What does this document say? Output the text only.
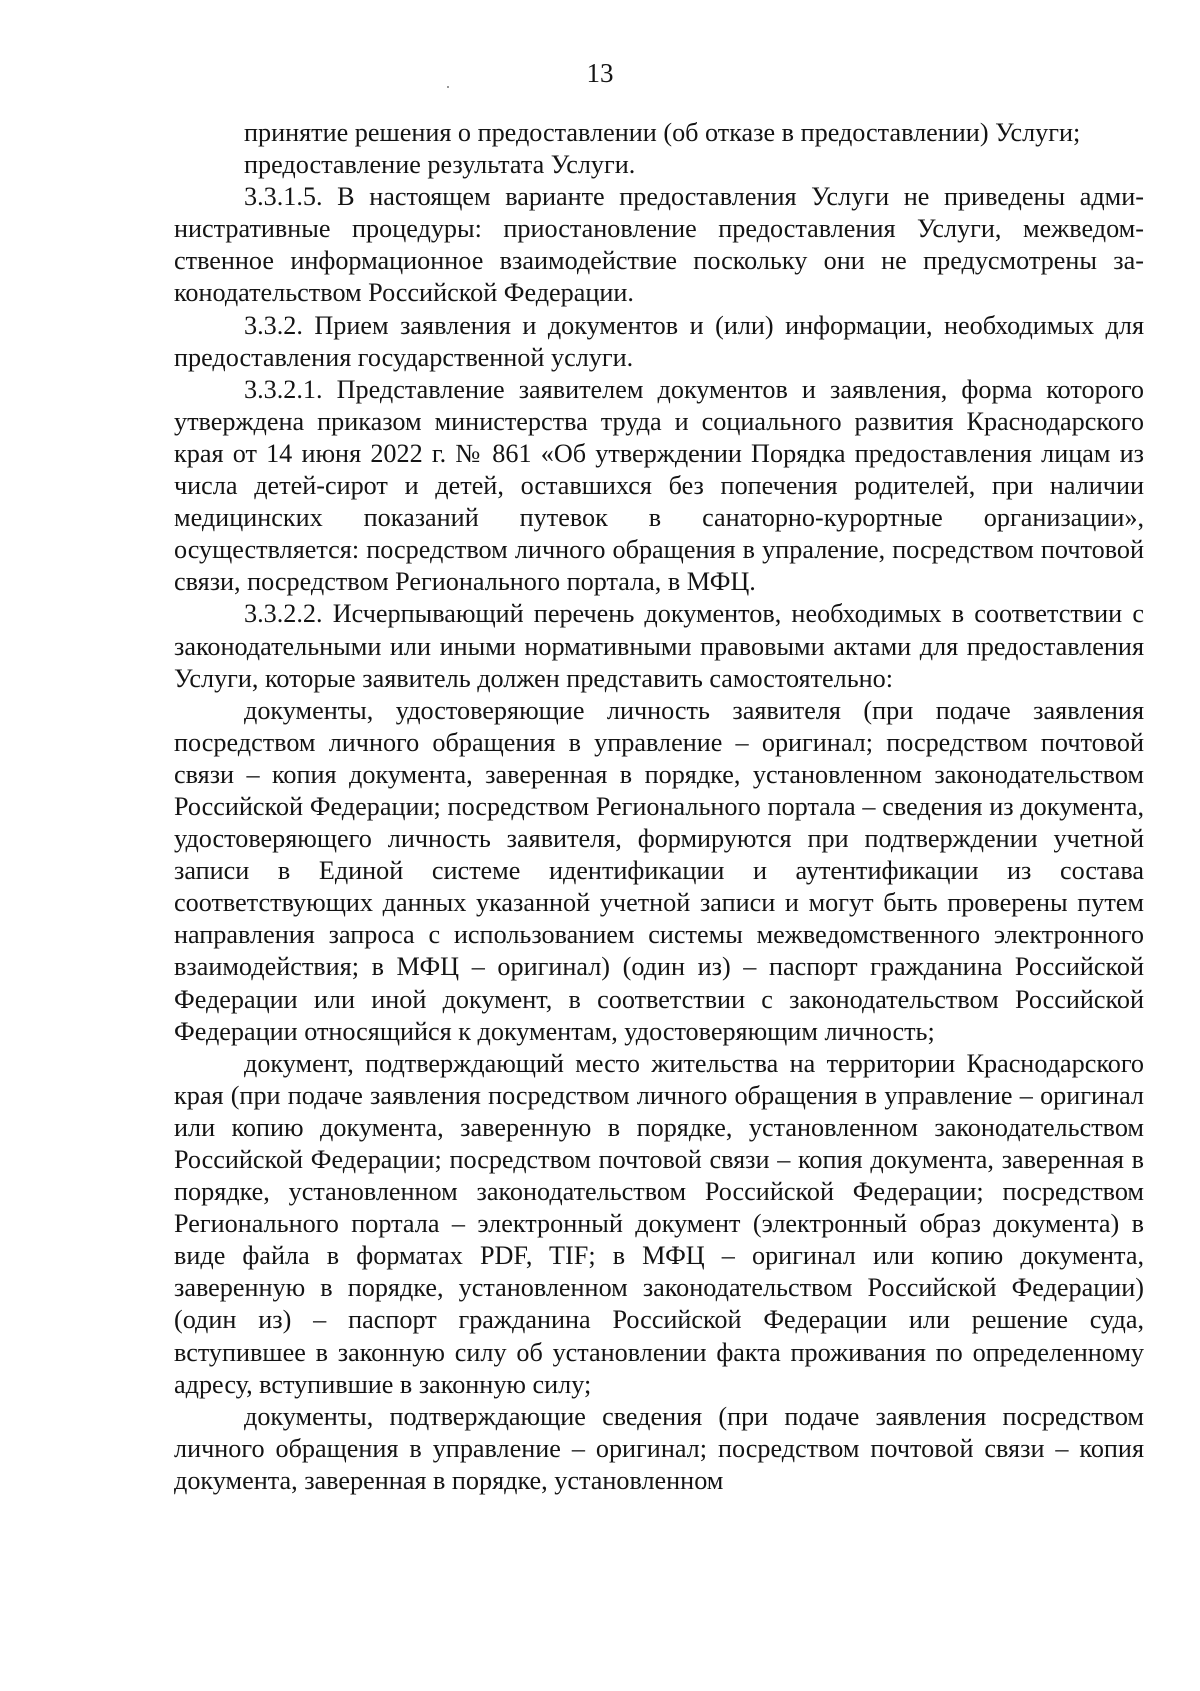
13

принятие решения о предоставлении (об отказе в предоставлении) Услуги;

предоставление результата Услуги.

3.3.1.5. В настоящем варианте предоставления Услуги не приведены административные процедуры: приостановление предоставления Услуги, межведомственное информационное взаимодействие поскольку они не предусмотрены законодательством Российской Федерации.

3.3.2. Прием заявления и документов и (или) информации, необходимых для предоставления государственной услуги.

3.3.2.1. Представление заявителем документов и заявления, форма которого утверждена приказом министерства труда и социального развития Краснодарского края от 14 июня 2022 г. № 861 «Об утверждении Порядка предоставления лицам из числа детей-сирот и детей, оставшихся без попечения родителей, при наличии медицинских показаний путевок в санаторно-курортные организации», осуществляется: посредством личного обращения в упраление, посредством почтовой связи, посредством Регионального портала, в МФЦ.

3.3.2.2. Исчерпывающий перечень документов, необходимых в соответствии с законодательными или иными нормативными правовыми актами для предоставления Услуги, которые заявитель должен представить самостоятельно:

документы, удостоверяющие личность заявителя (при подаче заявления посредством личного обращения в управление – оригинал; посредством почтовой связи – копия документа, заверенная в порядке, установленном законодательством Российской Федерации; посредством Регионального портала – сведения из документа, удостоверяющего личность заявителя, формируются при подтверждении учетной записи в Единой системе идентификации и аутентификации из состава соответствующих данных указанной учетной записи и могут быть проверены путем направления запроса с использованием системы межведомственного электронного взаимодействия; в МФЦ – оригинал) (один из) – паспорт гражданина Российской Федерации или иной документ, в соответствии с законодательством Российской Федерации относящийся к документам, удостоверяющим личность;

документ, подтверждающий место жительства на территории Краснодарского края (при подаче заявления посредством личного обращения в управление – оригинал или копию документа, заверенную в порядке, установленном законодательством Российской Федерации; посредством почтовой связи – копия документа, заверенная в порядке, установленном законодательством Российской Федерации; посредством Регионального портала – электронный документ (электронный образ документа) в виде файла в форматах PDF, TIF; в МФЦ – оригинал или копию документа, заверенную в порядке, установленном законодательством Российской Федерации) (один из) – паспорт гражданина Российской Федерации или решение суда, вступившее в законную силу об установлении факта проживания по определенному адресу, вступившие в законную силу;

документы, подтверждающие сведения (при подаче заявления посредством личного обращения в управление – оригинал; посредством почтовой связи – копия документа, заверенная в порядке, установленном
